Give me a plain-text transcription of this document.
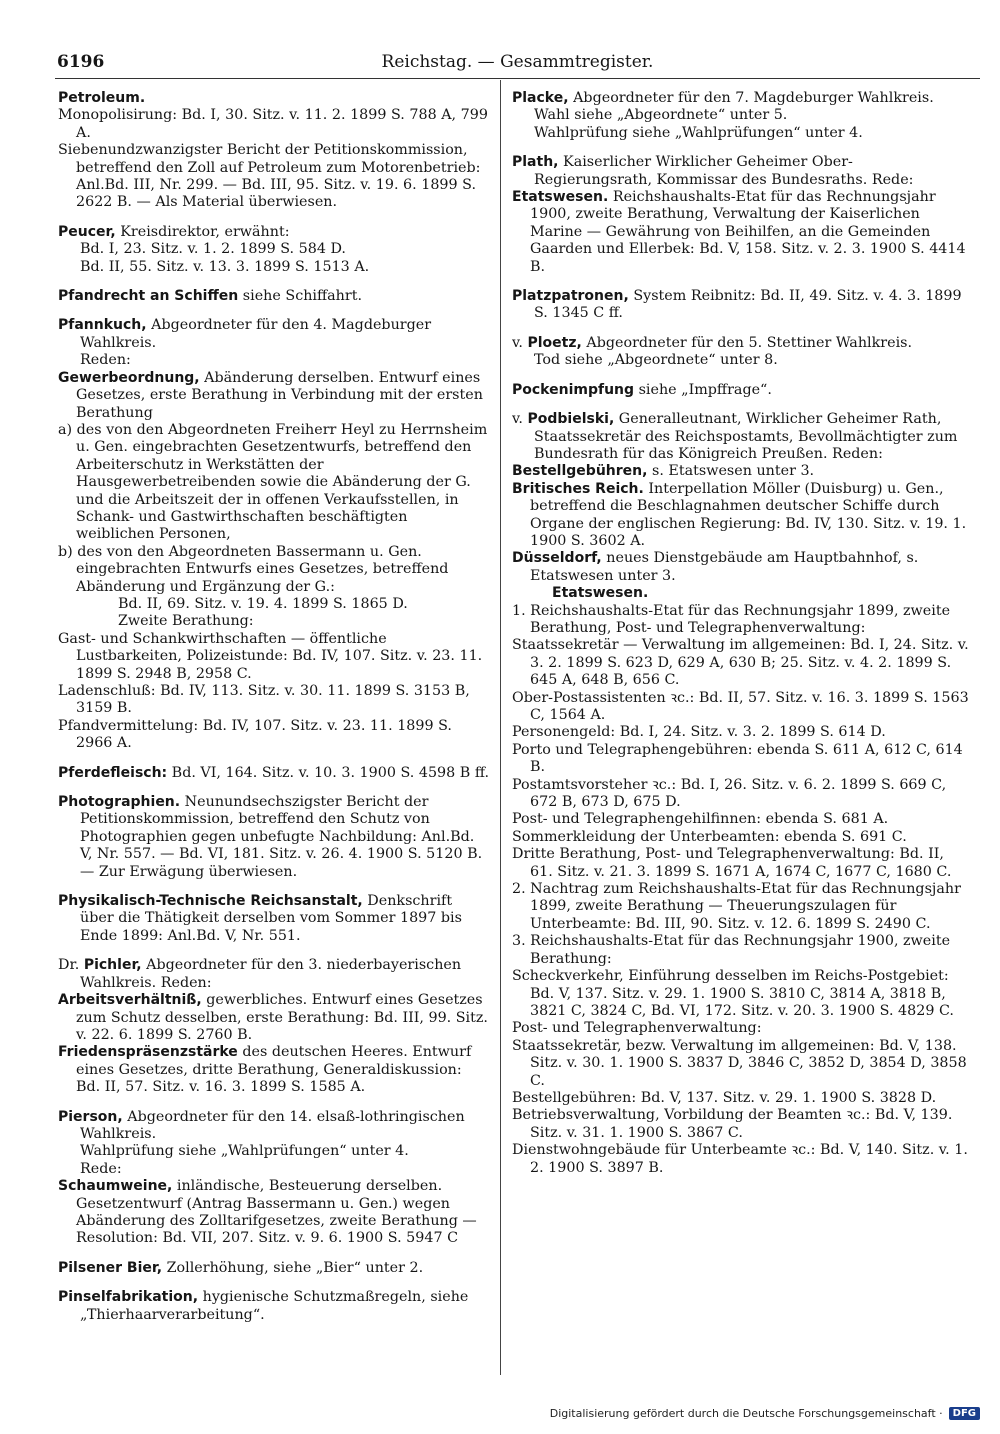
6196	Reichstag. — Gesammtregister.
Petroleum.
Monopolisirung: Bd. I, 30. Sitz. v. 11. 2. 1899 S. 788 A, 799 A.
Siebenundzwanzigster Bericht der Petitionskommission, betreffend den Zoll auf Petroleum zum Motorenbetrieb: Anl.Bd. III, Nr. 299. — Bd. III, 95. Sitz. v. 19. 6. 1899 S. 2622 B. — Als Material überwiesen.
Peucer, Kreisdirektor, erwähnt:
Bd. I, 23. Sitz. v. 1. 2. 1899 S. 584 D.
Bd. II, 55. Sitz. v. 13. 3. 1899 S. 1513 A.
Pfandrecht an Schiffen siehe Schiffahrt.
Pfannkuch, Abgeordneter für den 4. Magdeburger Wahlkreis.
Reden:
Gewerbeordnung, Abänderung derselben. Entwurf eines Gesetzes, erste Berathung in Verbindung mit der ersten Berathung
a) des von den Abgeordneten Freiherr Heyl zu Herrnsheim u. Gen. eingebrachten Gesetzentwurfs, betreffend den Arbeiterschutz in Werkstätten der Hausgewerbetreibenden sowie die Abänderung der G. und die Arbeitszeit der in offenen Verkaufsstellen, in Schank- und Gastwirthschaften beschäftigten weiblichen Personen,
b) des von den Abgeordneten Bassermann u. Gen. eingebrachten Entwurfs eines Gesetzes, betreffend Abänderung und Ergänzung der G.:
Bd. II, 69. Sitz. v. 19. 4. 1899 S. 1865 D.
Zweite Berathung:
Gast- und Schankwirthschaften — öffentliche Lustbarkeiten, Polizeistunde: Bd. IV, 107. Sitz. v. 23. 11. 1899 S. 2948 B, 2958 C.
Ladenschluß: Bd. IV, 113. Sitz. v. 30. 11. 1899 S. 3153 B, 3159 B.
Pfandvermittelung: Bd. IV, 107. Sitz. v. 23. 11. 1899 S. 2966 A.
Pferdefleisch: Bd. VI, 164. Sitz. v. 10. 3. 1900 S. 4598 B ff.
Photographien. Neunundsechszigster Bericht der Petitionskommission, betreffend den Schutz von Photographien gegen unbefugte Nachbildung: Anl.Bd. V, Nr. 557. — Bd. VI, 181. Sitz. v. 26. 4. 1900 S. 5120 B. — Zur Erwägung überwiesen.
Physikalisch-Technische Reichsanstalt, Denkschrift über die Thätigkeit derselben vom Sommer 1897 bis Ende 1899: Anl.Bd. V, Nr. 551.
Dr. Pichler, Abgeordneter für den 3. niederbayerischen Wahlkreis. Reden:
Arbeitsverhältniß, gewerbliches. Entwurf eines Gesetzes zum Schutz desselben, erste Berathung: Bd. III, 99. Sitz. v. 22. 6. 1899 S. 2760 B.
Friedenspräsenzstärke des deutschen Heeres. Entwurf eines Gesetzes, dritte Berathung, Generaldiskussion: Bd. II, 57. Sitz. v. 16. 3. 1899 S. 1585 A.
Pierson, Abgeordneter für den 14. elsaß-lothringischen Wahlkreis.
Wahlprüfung siehe „Wahlprüfungen“ unter 4.
Rede:
Schaumweine, inländische, Besteuerung derselben. Gesetzentwurf (Antrag Bassermann u. Gen.) wegen Abänderung des Zolltarifgesetzes, zweite Berathung — Resolution: Bd. VII, 207. Sitz. v. 9. 6. 1900 S. 5947 C
Pilsener Bier, Zollerhöhung, siehe „Bier“ unter 2.
Pinselfabrikation, hygienische Schutzmaßregeln, siehe „Thierhaarverarbeitung“.
Placke, Abgeordneter für den 7. Magdeburger Wahlkreis.
Wahl siehe „Abgeordnete“ unter 5.
Wahlprüfung siehe „Wahlprüfungen“ unter 4.
Plath, Kaiserlicher Wirklicher Geheimer Ober-Regierungsrath, Kommissar des Bundesraths. Rede:
Etatswesen. Reichshaushalts-Etat für das Rechnungsjahr 1900, zweite Berathung, Verwaltung der Kaiserlichen Marine — Gewährung von Beihilfen, an die Gemeinden Gaarden und Ellerbek: Bd. V, 158. Sitz. v. 2. 3. 1900 S. 4414 B.
Platzpatronen, System Reibnitz: Bd. II, 49. Sitz. v. 4. 3. 1899 S. 1345 C ff.
v. Ploetz, Abgeordneter für den 5. Stettiner Wahlkreis.
Tod siehe „Abgeordnete“ unter 8.
Pockenimpfung siehe „Impffrage“.
v. Podbielski, Generalleutnant, Wirklicher Geheimer Rath, Staatssekretär des Reichspostamts, Bevollmächtigter zum Bundesrath für das Königreich Preußen. Reden:
Bestellgebühren, s. Etatswesen unter 3.
Britisches Reich. Interpellation Möller (Duisburg) u. Gen., betreffend die Beschlagnahmen deutscher Schiffe durch Organe der englischen Regierung: Bd. IV, 130. Sitz. v. 19. 1. 1900 S. 3602 A.
Düsseldorf, neues Dienstgebäude am Hauptbahnhof, s. Etatswesen unter 3.
Etatswesen.
1. Reichshaushalts-Etat für das Rechnungsjahr 1899, zweite Berathung, Post- und Telegraphenverwaltung:
Staatssekretär — Verwaltung im allgemeinen: Bd. I, 24. Sitz. v. 3. 2. 1899 S. 623 D, 629 A, 630 B; 25. Sitz. v. 4. 2. 1899 S. 645 A, 648 B, 656 C.
Ober-Postassistenten ꝛc.: Bd. II, 57. Sitz. v. 16. 3. 1899 S. 1563 C, 1564 A.
Personengeld: Bd. I, 24. Sitz. v. 3. 2. 1899 S. 614 D.
Porto und Telegraphengebühren: ebenda S. 611 A, 612 C, 614 B.
Postamtsvorsteher ꝛc.: Bd. I, 26. Sitz. v. 6. 2. 1899 S. 669 C, 672 B, 673 D, 675 D.
Post- und Telegraphengehilfinnen: ebenda S. 681 A.
Sommerkleidung der Unterbeamten: ebenda S. 691 C.
Dritte Berathung, Post- und Telegraphenverwaltung: Bd. II, 61. Sitz. v. 21. 3. 1899 S. 1671 A, 1674 C, 1677 C, 1680 C.
2. Nachtrag zum Reichshaushalts-Etat für das Rechnungsjahr 1899, zweite Berathung — Theuerungszulagen für Unterbeamte: Bd. III, 90. Sitz. v. 12. 6. 1899 S. 2490 C.
3. Reichshaushalts-Etat für das Rechnungsjahr 1900, zweite Berathung:
Scheckverkehr, Einführung desselben im Reichs-Postgebiet: Bd. V, 137. Sitz. v. 29. 1. 1900 S. 3810 C, 3814 A, 3818 B, 3821 C, 3824 C, Bd. VI, 172. Sitz. v. 20. 3. 1900 S. 4829 C.
Post- und Telegraphenverwaltung:
Staatssekretär, bezw. Verwaltung im allgemeinen: Bd. V, 138. Sitz. v. 30. 1. 1900 S. 3837 D, 3846 C, 3852 D, 3854 D, 3858 C.
Bestellgebühren: Bd. V, 137. Sitz. v. 29. 1. 1900 S. 3828 D.
Betriebsverwaltung, Vorbildung der Beamten ꝛc.: Bd. V, 139. Sitz. v. 31. 1. 1900 S. 3867 C.
Dienstwohngebäude für Unterbeamte ꝛc.: Bd. V, 140. Sitz. v. 1. 2. 1900 S. 3897 B.
Digitalisierung gefördert durch die Deutsche Forschungsgemeinschaft ·	DFG
